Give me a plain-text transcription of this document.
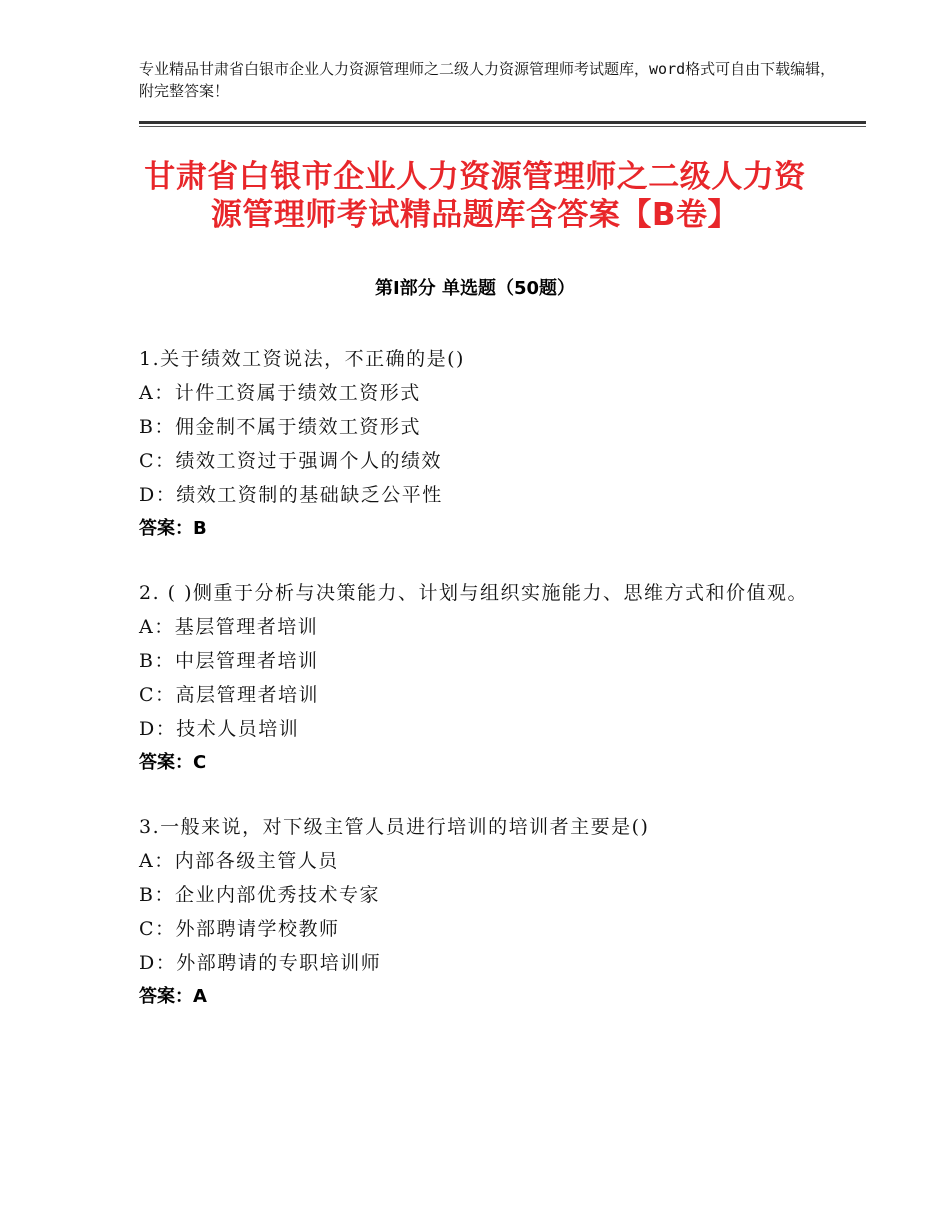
专业精品甘肃省白银市企业人力资源管理师之二级人力资源管理师考试题库，word格式可自由下载编辑，附完整答案！
甘肃省白银市企业人力资源管理师之二级人力资源管理师考试精品题库含答案【B卷】
第Ⅰ部分 单选题（50题）
1.关于绩效工资说法，不正确的是()
A：计件工资属于绩效工资形式
B：佣金制不属于绩效工资形式
C：绩效工资过于强调个人的绩效
D：绩效工资制的基础缺乏公平性
答案：B
2. ( )侧重于分析与决策能力、计划与组织实施能力、思维方式和价值观。
A：基层管理者培训
B：中层管理者培训
C：高层管理者培训
D：技术人员培训
答案：C
3.一般来说，对下级主管人员进行培训的培训者主要是()
A：内部各级主管人员
B：企业内部优秀技术专家
C：外部聘请学校教师
D：外部聘请的专职培训师
答案：A
